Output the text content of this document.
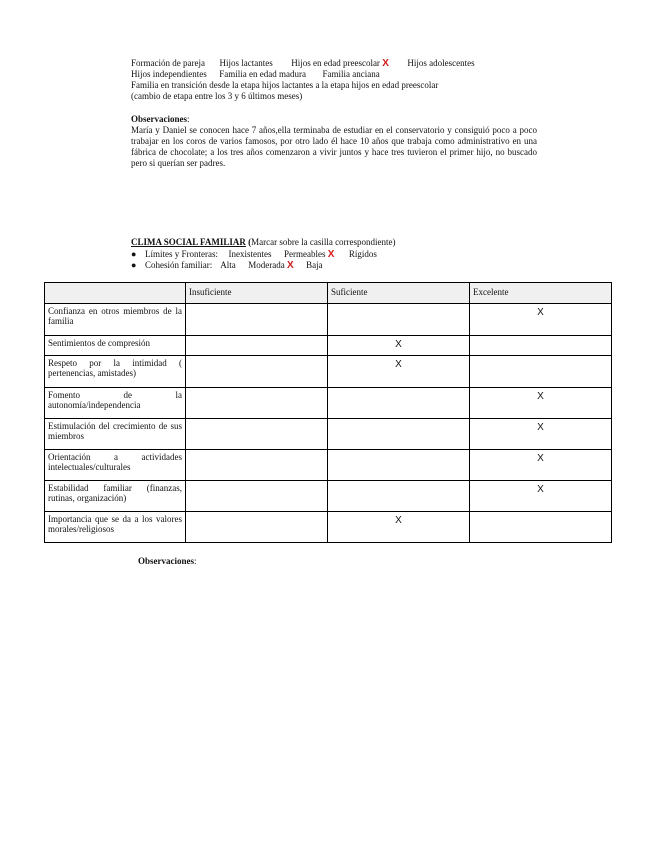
Formación de pareja Hijos lactantes Hijos en edad preescolar X Hijos adolescentes
Hijos independientes Familia en edad madura Familia anciana
Familia en transición desde la etapa hijos lactantes a la etapa hijos en edad preescolar
(cambio de etapa entre los 3 y 6 últimos meses)
Observaciones:
María y Daniel se conocen hace 7 años,ella terminaba de estudiar en el conservatorio y consiguió poco a poco trabajar en los coros de varios famosos, por otro lado él hace 10 años que trabaja como administrativo en una fábrica de chocolate; a los tres años comenzaron a vivir juntos y hace tres tuvieron el primer hijo, no buscado pero si querían ser padres.
CLIMA SOCIAL FAMILIAR (Marcar sobre la casilla correspondiente)
● Límites y Fronteras: Inexistentes Permeables X Rígidos
● Cohesión familiar: Alta Moderada X Baja
	Insuficiente	Suficiente	Excelente
Confianza en otros miembros de la familia			X
Sentimientos de compresión		X	
Respeto por la intimidad ( pertenencias, amistades)		X	
Fomento de la autonomía/independencia			X
Estimulación del crecimiento de sus miembros			X
Orientación a actividades intelectuales/culturales			X
Estabilidad familiar (finanzas, rutinas, organización)			X
Importancia que se da a los valores morales/religiosos		X	
Observaciones:
